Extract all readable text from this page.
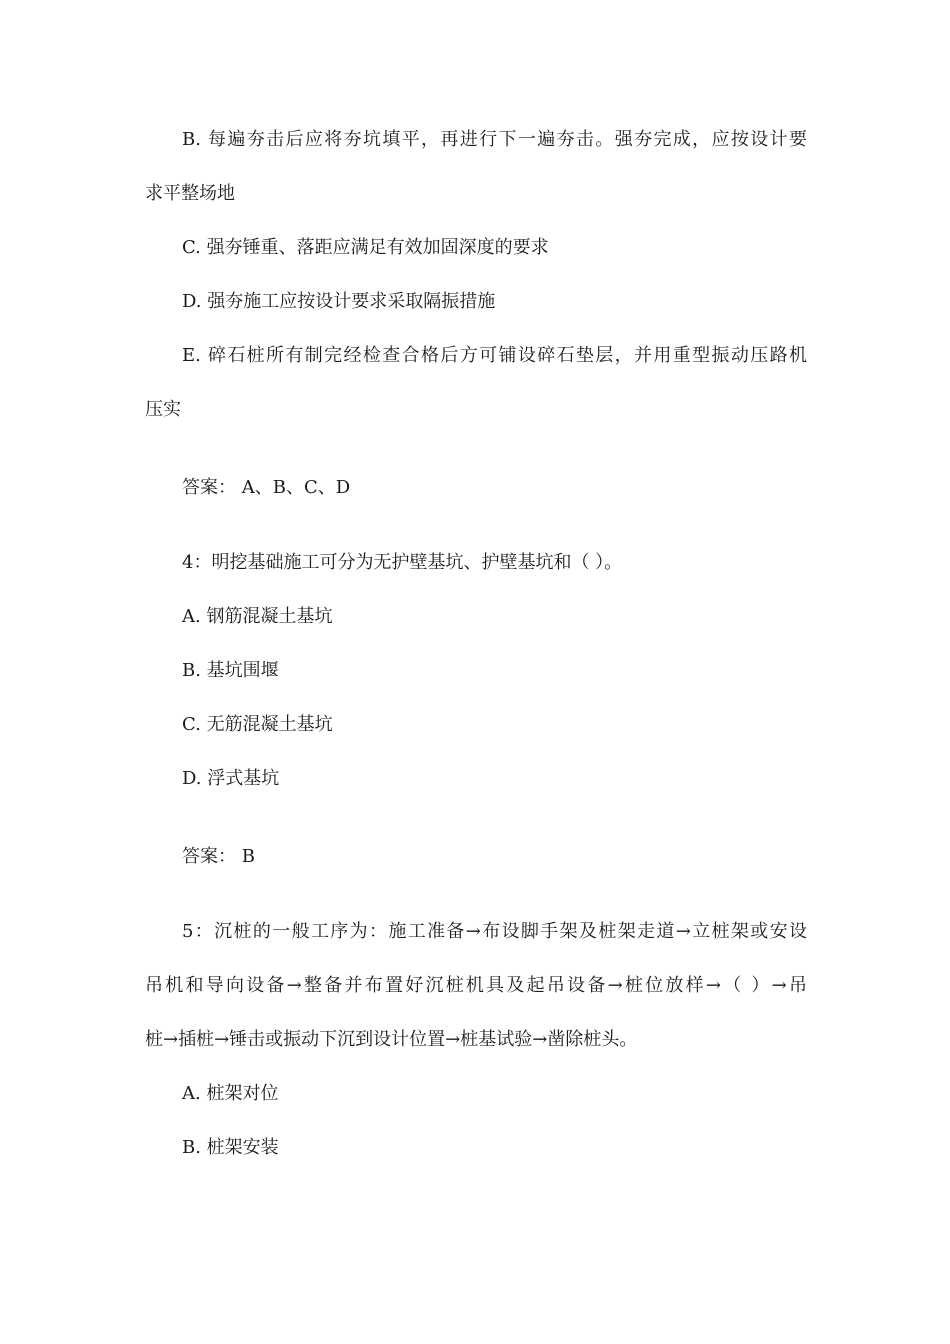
B. 每遍夯击后应将夯坑填平，再进行下一遍夯击。强夯完成，应按设计要
求平整场地
C. 强夯锤重、落距应满足有效加固深度的要求
D. 强夯施工应按设计要求采取隔振措施
E. 碎石桩所有制完经检查合格后方可铺设碎石垫层，并用重型振动压路机
压实
答案： A、B、C、D
4：明挖基础施工可分为无护壁基坑、护壁基坑和（ ）。
A. 钢筋混凝土基坑
B. 基坑围堰
C. 无筋混凝土基坑
D. 浮式基坑
答案： B
5：沉桩的一般工序为：施工准备→布设脚手架及桩架走道→立桩架或安设
吊机和导向设备→整备并布置好沉桩机具及起吊设备→桩位放样→（ ）→吊
桩→插桩→锤击或振动下沉到设计位置→桩基试验→凿除桩头。
A. 桩架对位
B. 桩架安装
